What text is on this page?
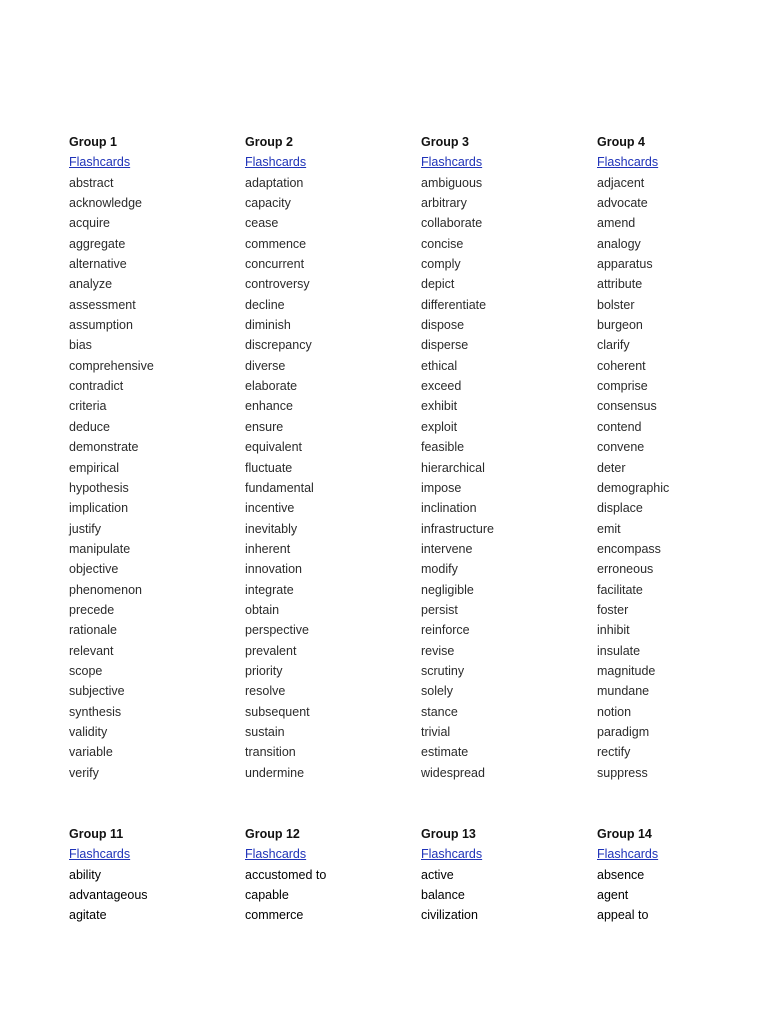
Group 1
Flashcards
abstract
acknowledge
acquire
aggregate
alternative
analyze
assessment
assumption
bias
comprehensive
contradict
criteria
deduce
demonstrate
empirical
hypothesis
implication
justify
manipulate
objective
phenomenon
precede
rationale
relevant
scope
subjective
synthesis
validity
variable
verify
Group 2
Flashcards
adaptation
capacity
cease
commence
concurrent
controversy
decline
diminish
discrepancy
diverse
elaborate
enhance
ensure
equivalent
fluctuate
fundamental
incentive
inevitably
inherent
innovation
integrate
obtain
perspective
prevalent
priority
resolve
subsequent
sustain
transition
undermine
Group 3
Flashcards
ambiguous
arbitrary
collaborate
concise
comply
depict
differentiate
dispose
disperse
ethical
exceed
exhibit
exploit
feasible
hierarchical
impose
inclination
infrastructure
intervene
modify
negligible
persist
reinforce
revise
scrutiny
solely
stance
trivial
estimate
widespread
Group 4
Flashcards
adjacent
advocate
amend
analogy
apparatus
attribute
bolster
burgeon
clarify
coherent
comprise
consensus
contend
convene
deter
demographic
displace
emit
encompass
erroneous
facilitate
foster
inhibit
insulate
magnitude
mundane
notion
paradigm
rectify
suppress
Group 11
Flashcards
ability
advantageous
agitate
Group 12
Flashcards
accustomed to
capable
commerce
Group 13
Flashcards
active
balance
civilization
Group 14
Flashcards
absence
agent
appeal to
